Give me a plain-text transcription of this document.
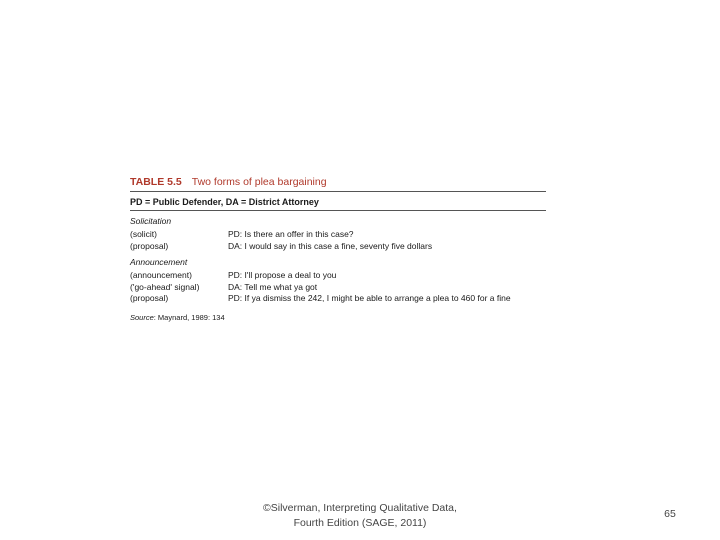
TABLE 5.5 Two forms of plea bargaining
PD = Public Defender, DA = District Attorney
Solicitation
(solicit)	PD: Is there an offer in this case?
(proposal)	DA: I would say in this case a fine, seventy five dollars
Announcement
(announcement)	PD: I'll propose a deal to you
('go-ahead' signal)	DA: Tell me what ya got
(proposal)	PD: If ya dismiss the 242, I might be able to arrange a plea to 460 for a fine
Source: Maynard, 1989: 134
©Silverman, Interpreting Qualitative Data,
Fourth Edition (SAGE, 2011)
65
